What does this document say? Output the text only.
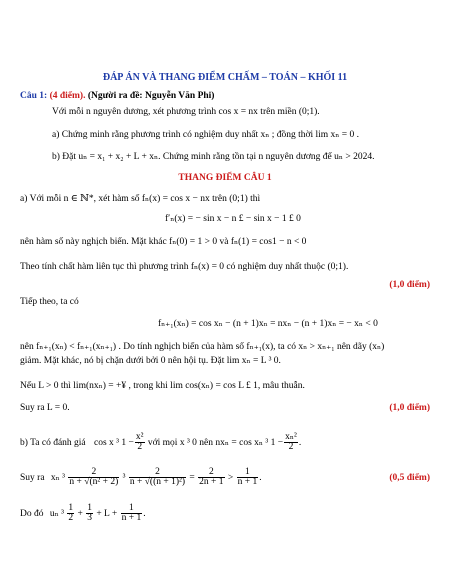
ĐÁP ÁN VÀ THANG ĐIỂM CHẤM – TOÁN – KHỐI 11
Câu 1: (4 điểm). (Người ra đề: Nguyễn Văn Phi)
Với mỗi n nguyên dương, xét phương trình cos x = nx trên miền (0;1).
a) Chứng minh rằng phương trình có nghiệm duy nhất xₙ ; đồng thời lim xₙ = 0 .
b) Đặt uₙ = x₁ + x₂ + L + xₙ. Chứng minh rằng tồn tại n nguyên dương để uₙ > 2024.
THANG ĐIỂM CÂU 1
a) Với mỗi n ∈ ℕ*, xét hàm số fₙ(x) = cos x − nx trên (0;1) thì
f′ₙ(x) = − sin x − n £ − sin x − 1 £ 0
nên hàm số này nghịch biến. Mặt khác fₙ(0) = 1 > 0 và fₙ(1) = cos1 − n < 0
Theo tính chất hàm liên tục thì phương trình fₙ(x) = 0 có nghiệm duy nhất thuộc (0;1).
(1,0 điểm)
Tiếp theo, ta có
fₙ₊₁(xₙ) = cos xₙ − (n + 1)xₙ = nxₙ − (n + 1)xₙ = − xₙ < 0
nên fₙ₊₁(xₙ) < fₙ₊₁(xₙ₊₁) . Do tính nghịch biến của hàm số fₙ₊₁(x), ta có xₙ > xₙ₊₁ nên dãy (xₙ)
giảm. Mặt khác, nó bị chặn dưới bởi 0 nên hội tụ. Đặt lim xₙ = L ³ 0.
Nếu L > 0 thì lim(nxₙ) = +¥ , trong khi lim cos(xₙ) = cos L £ 1, mâu thuẫn.
Suy ra L = 0.	(1,0 điểm)
b) Ta có đánh giá cos x ³ $1 - \frac{\text{x²}}{2}$ với mọi x ³ 0 nên nxₙ = cos xₙ ³ $1 - \frac{\text{xₙ²}}{2}$ .
Suy ra xₙ $^3 \frac{2}{\text{n + √(n² + 2)}} ^3 \frac{2}{\text{n + √((n + 1)²)}} = \frac{2}{2n + 1} > \frac{1}{n + 1}$ .	(0,5 điểm)
Do đó uₙ $^3 \frac{1}{2} + \frac{1}{3} + L + \frac{1}{n + 1}$ .
